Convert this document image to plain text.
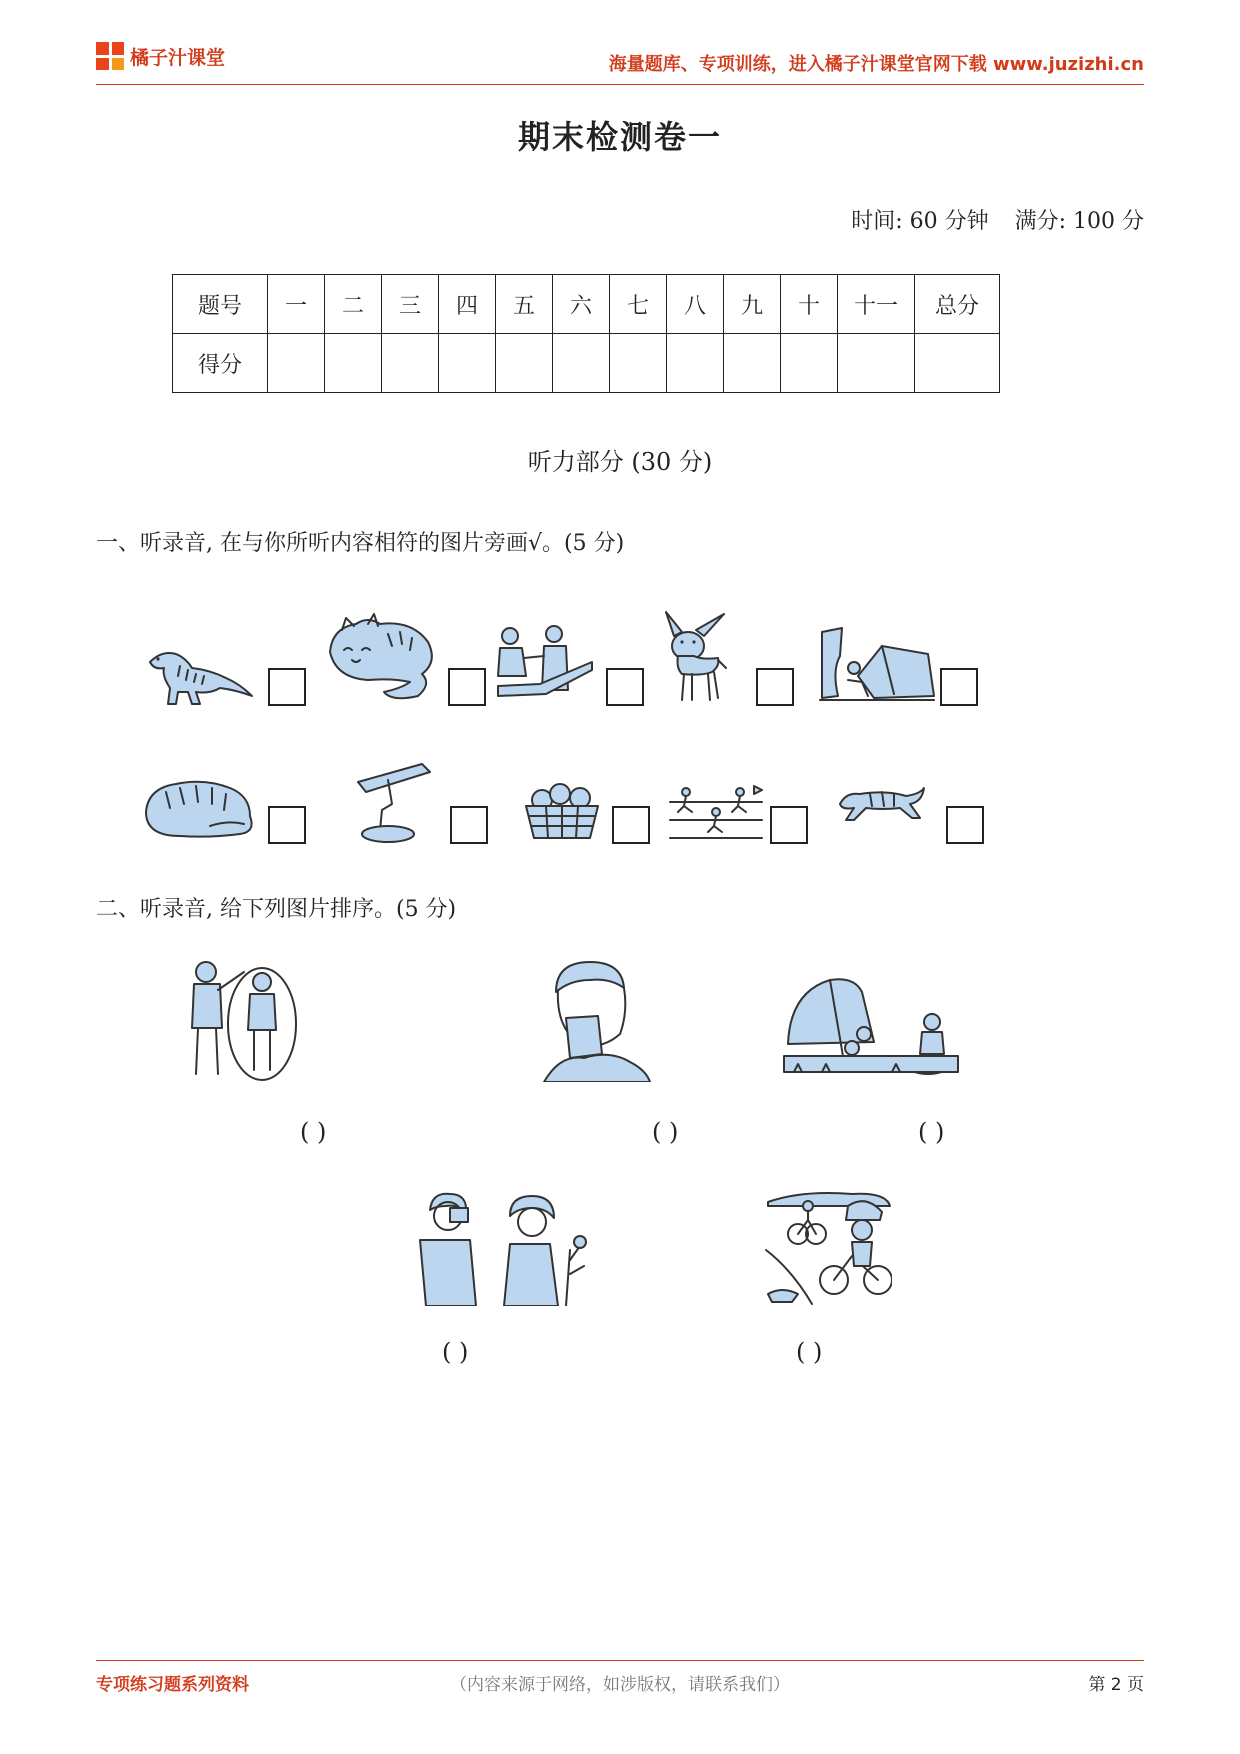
橘子汁课堂	海量题库、专项训练，进入橘子汁课堂官网下载 www.juzizhi.cn
期末检测卷一
时间: 60 分钟 满分: 100 分
题号	一	二	三	四	五	六	七	八	九	十	十一	总分
得分												
听力部分 (30 分)
一、听录音, 在与你所听内容相符的图片旁画√。(5 分)
二、听录音, 给下列图片排序。(5 分)
( )	( )	( )
( )	( )
专项练习题系列资料	（内容来源于网络，如涉版权，请联系我们）	第 2 页
